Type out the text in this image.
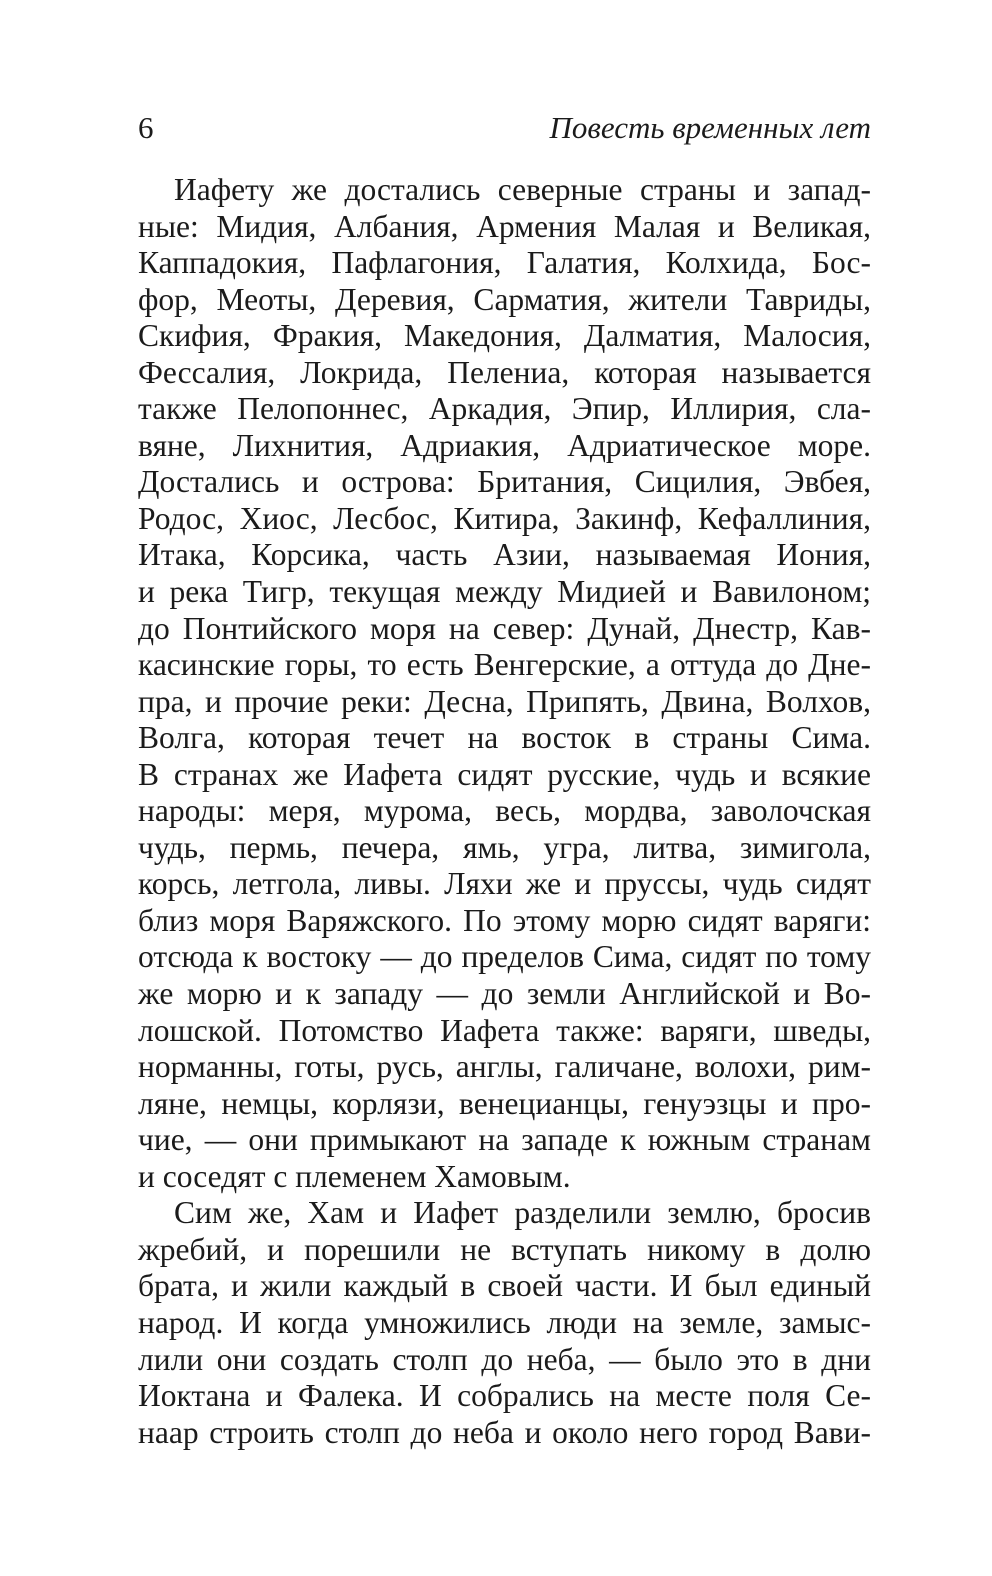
6	Повесть временных лет
Иафету же достались северные страны и запад-
ные: Мидия, Албания, Армения Малая и Великая,
Каппадокия, Пафлагония, Галатия, Колхида, Бос-
фор, Меоты, Деревия, Сарматия, жители Тавриды,
Скифия, Фракия, Македония, Далматия, Малосия,
Фессалия, Локрида, Пелениа, которая называется
также Пелопоннес, Аркадия, Эпир, Иллирия, сла-
вяне, Лихнития, Адриакия, Адриатическое море.
Достались и острова: Британия, Сицилия, Эвбея,
Родос, Хиос, Лесбос, Китира, Закинф, Кефаллиния,
Итака, Корсика, часть Азии, называемая Иония,
и река Тигр, текущая между Мидией и Вавилоном;
до Понтийского моря на север: Дунай, Днестр, Кав-
касинские горы, то есть Венгерские, а оттуда до Дне-
пра, и прочие реки: Десна, Припять, Двина, Волхов,
Волга, которая течет на восток в страны Сима.
В странах же Иафета сидят русские, чудь и всякие
народы: меря, мурома, весь, мордва, заволочская
чудь, пермь, печера, ямь, угра, литва, зимигола,
корсь, летгола, ливы. Ляхи же и пруссы, чудь сидят
близ моря Варяжского. По этому морю сидят варяги:
отсюда к востоку — до пределов Сима, сидят по тому
же морю и к западу — до земли Английской и Во-
лошской. Потомство Иафета также: варяги, шведы,
норманны, готы, русь, англы, галичане, волохи, рим-
ляне, немцы, корлязи, венецианцы, генуэзцы и про-
чие, — они примыкают на западе к южным странам
и соседят с племенем Хамовым.
Сим же, Хам и Иафет разделили землю, бросив
жребий, и порешили не вступать никому в долю
брата, и жили каждый в своей части. И был единый
народ. И когда умножились люди на земле, замыс-
лили они создать столп до неба, — было это в дни
Иоктана и Фалека. И собрались на месте поля Се-
наар строить столп до неба и около него город Вави-
